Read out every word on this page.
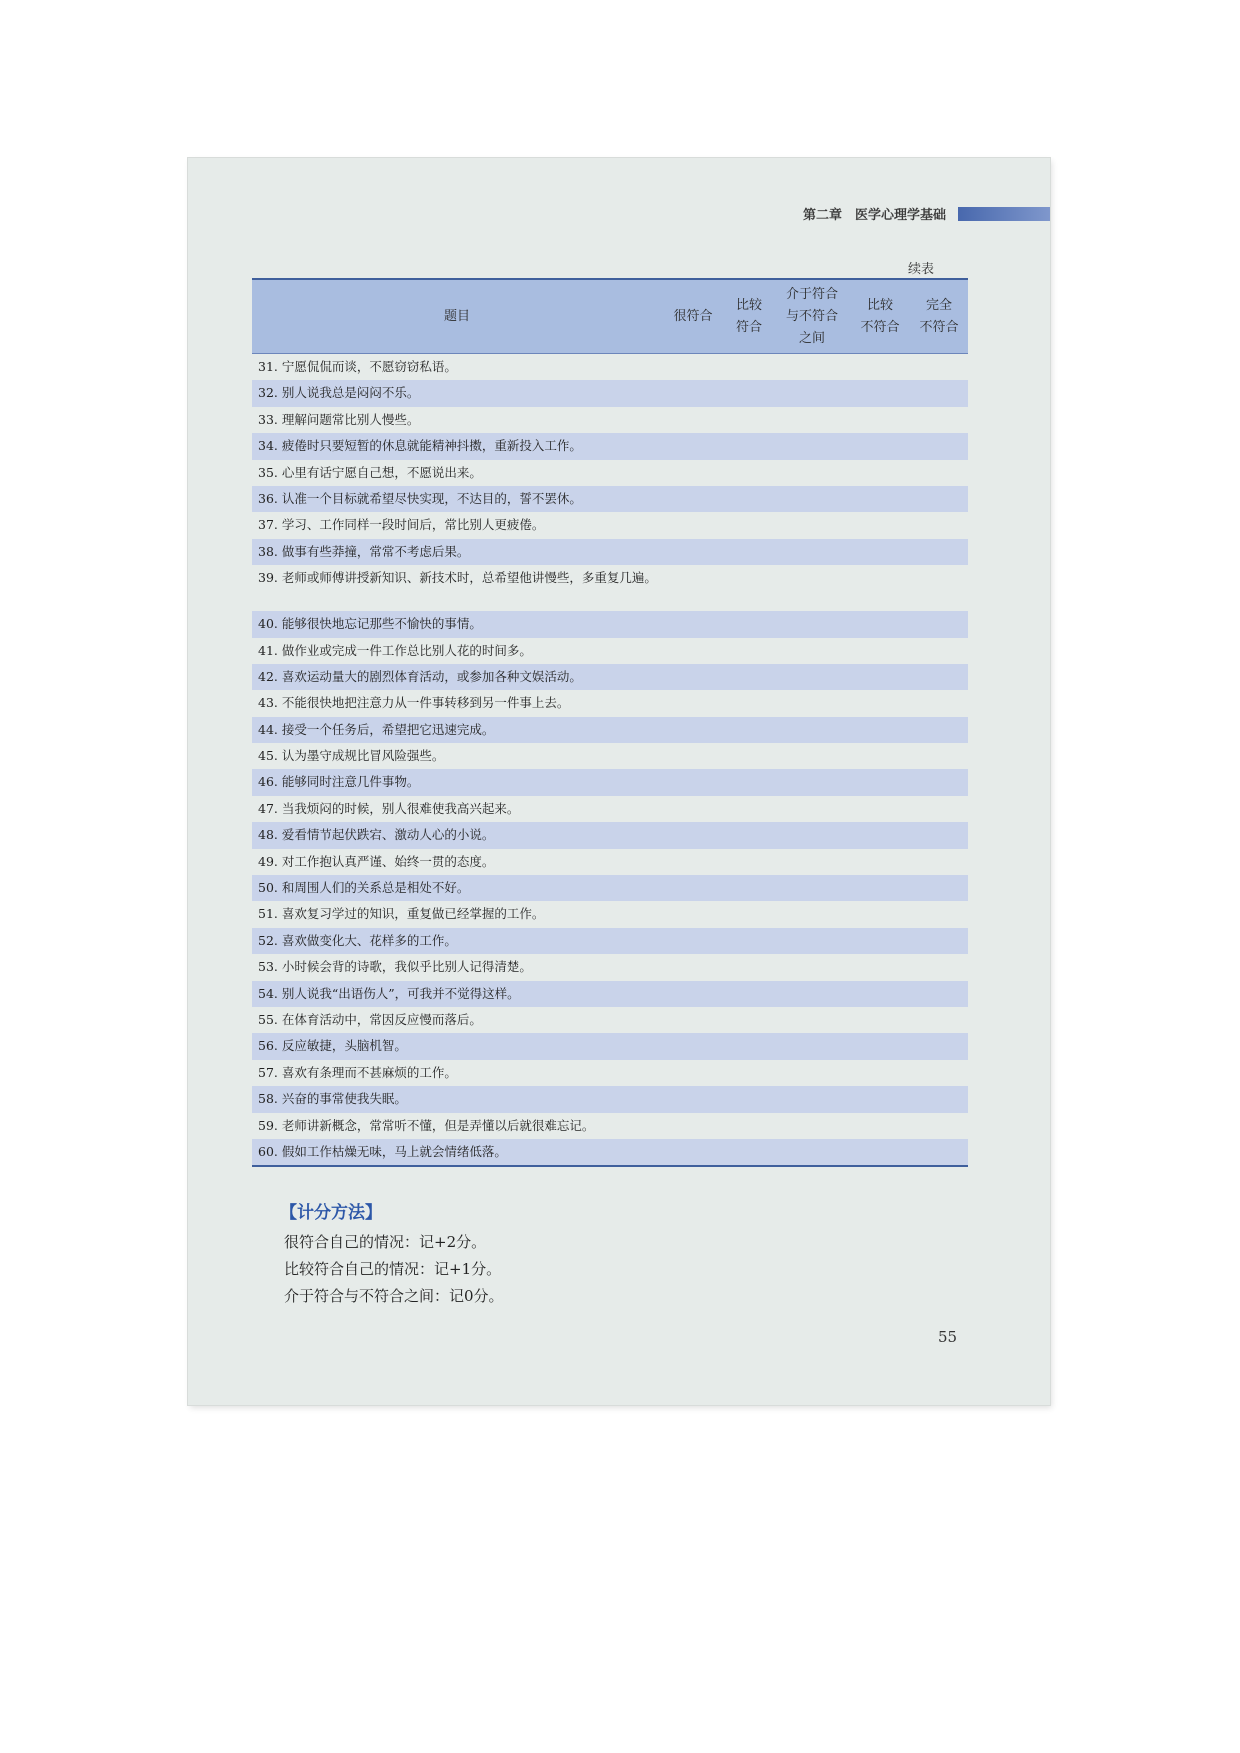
第二章　医学心理学基础
续表
题目	很符合
比较
符合
介于符合
与不符合
之间
比较
不符合
完全
不符合
31. 宁愿侃侃而谈，不愿窃窃私语。
32. 别人说我总是闷闷不乐。
33. 理解问题常比别人慢些。
34. 疲倦时只要短暂的休息就能精神抖擞，重新投入工作。
35. 心里有话宁愿自己想，不愿说出来。
36. 认准一个目标就希望尽快实现，不达目的，誓不罢休。
37. 学习、工作同样一段时间后，常比别人更疲倦。
38. 做事有些莽撞，常常不考虑后果。
39. 老师或师傅讲授新知识、新技术时，总希望他讲慢些，多重复几遍。
40. 能够很快地忘记那些不愉快的事情。
41. 做作业或完成一件工作总比别人花的时间多。
42. 喜欢运动量大的剧烈体育活动，或参加各种文娱活动。
43. 不能很快地把注意力从一件事转移到另一件事上去。
44. 接受一个任务后，希望把它迅速完成。
45. 认为墨守成规比冒风险强些。
46. 能够同时注意几件事物。
47. 当我烦闷的时候，别人很难使我高兴起来。
48. 爱看情节起伏跌宕、激动人心的小说。
49. 对工作抱认真严谨、始终一贯的态度。
50. 和周围人们的关系总是相处不好。
51. 喜欢复习学过的知识，重复做已经掌握的工作。
52. 喜欢做变化大、花样多的工作。
53. 小时候会背的诗歌，我似乎比别人记得清楚。
54. 别人说我“出语伤人”，可我并不觉得这样。
55. 在体育活动中，常因反应慢而落后。
56. 反应敏捷，头脑机智。
57. 喜欢有条理而不甚麻烦的工作。
58. 兴奋的事常使我失眠。
59. 老师讲新概念，常常听不懂，但是弄懂以后就很难忘记。
60. 假如工作枯燥无味，马上就会情绪低落。
【计分方法】
很符合自己的情况：记+2分。
比较符合自己的情况：记+1分。
介于符合与不符合之间：记0分。
55
